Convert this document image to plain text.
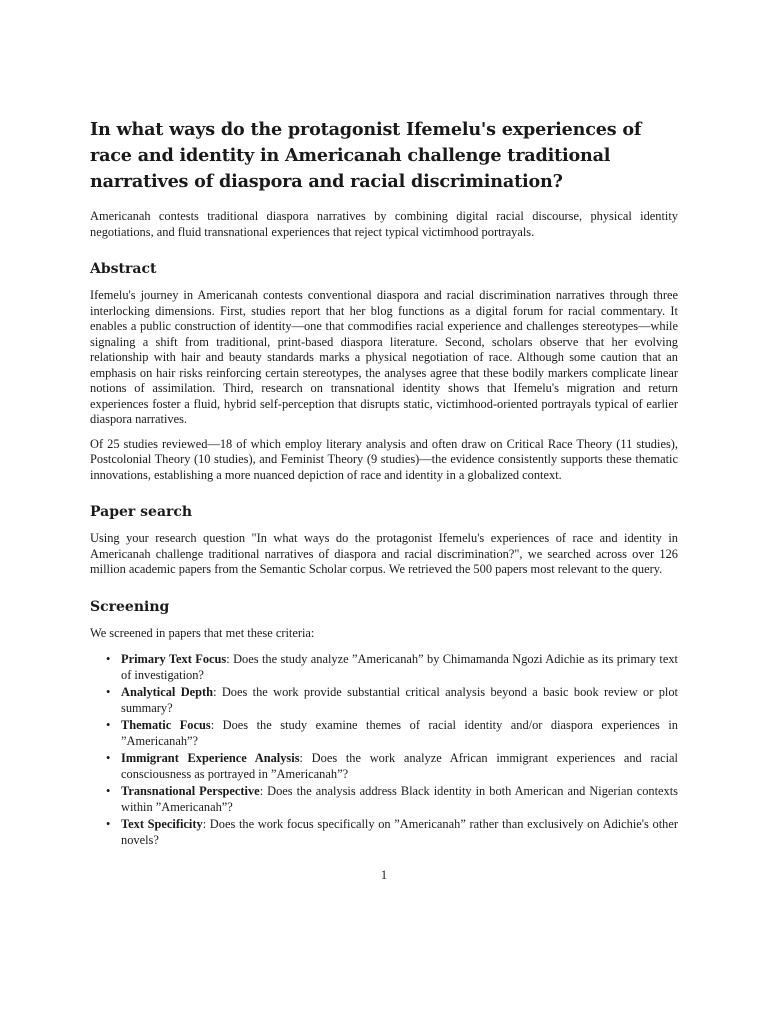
In what ways do the protagonist Ifemelu's experiences of race and identity in Americanah challenge traditional narratives of diaspora and racial discrimination?

Americanah contests traditional diaspora narratives by combining digital racial discourse, physical identity negotiations, and fluid transnational experiences that reject typical victimhood portrayals.

Abstract

Ifemelu's journey in Americanah contests conventional diaspora and racial discrimination narratives through three interlocking dimensions. First, studies report that her blog functions as a digital forum for racial commentary. It enables a public construction of identity—one that commodifies racial experience and challenges stereotypes—while signaling a shift from traditional, print-based diaspora literature. Second, scholars observe that her evolving relationship with hair and beauty standards marks a physical negotiation of race. Although some caution that an emphasis on hair risks reinforcing certain stereotypes, the analyses agree that these bodily markers complicate linear notions of assimilation. Third, research on transnational identity shows that Ifemelu's migration and return experiences foster a fluid, hybrid self-perception that disrupts static, victimhood-oriented portrayals typical of earlier diaspora narratives.

Of 25 studies reviewed—18 of which employ literary analysis and often draw on Critical Race Theory (11 studies), Postcolonial Theory (10 studies), and Feminist Theory (9 studies)—the evidence consistently supports these thematic innovations, establishing a more nuanced depiction of race and identity in a globalized context.

Paper search

Using your research question "In what ways do the protagonist Ifemelu's experiences of race and identity in Americanah challenge traditional narratives of diaspora and racial discrimination?", we searched across over 126 million academic papers from the Semantic Scholar corpus. We retrieved the 500 papers most relevant to the query.

Screening

We screened in papers that met these criteria:

• Primary Text Focus: Does the study analyze ”Americanah” by Chimamanda Ngozi Adichie as its primary text of investigation?
• Analytical Depth: Does the work provide substantial critical analysis beyond a basic book review or plot summary?
• Thematic Focus: Does the study examine themes of racial identity and/or diaspora experiences in ”Americanah”?
• Immigrant Experience Analysis: Does the work analyze African immigrant experiences and racial consciousness as portrayed in ”Americanah”?
• Transnational Perspective: Does the analysis address Black identity in both American and Nigerian contexts within ”Americanah”?
• Text Specificity: Does the work focus specifically on ”Americanah” rather than exclusively on Adichie's other novels?
1
